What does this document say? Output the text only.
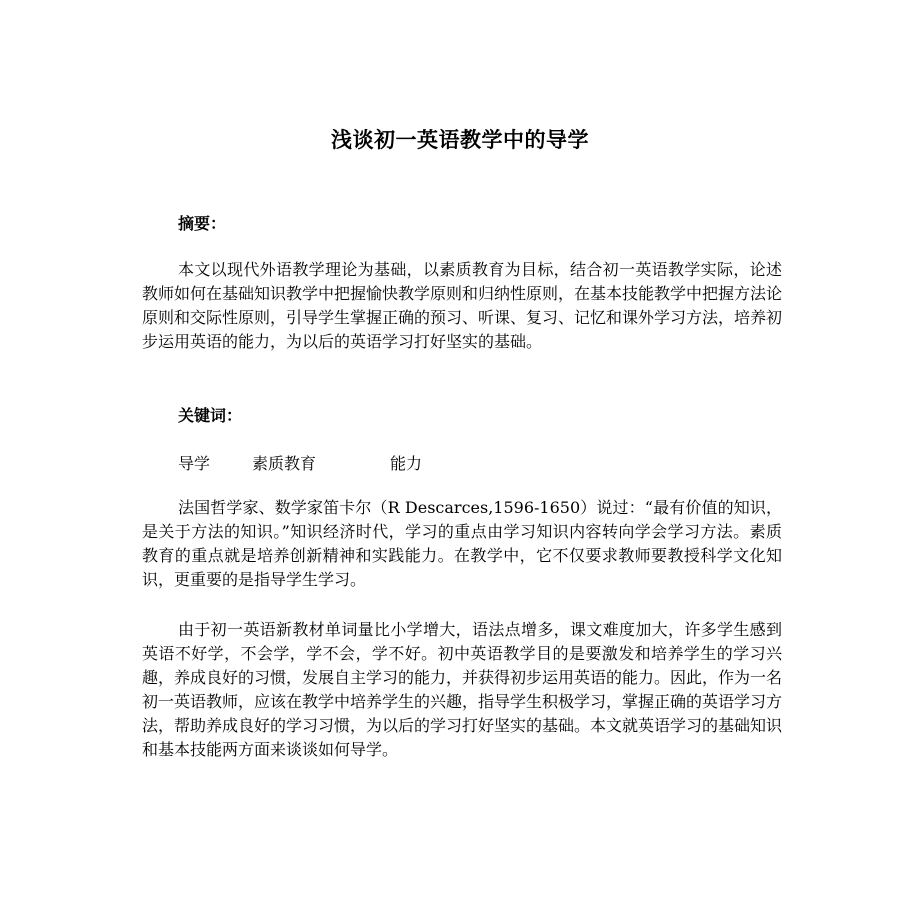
浅谈初一英语教学中的导学
摘要：
本文以现代外语教学理论为基础，以素质教育为目标，结合初一英语教学实际，论述教师如何在基础知识教学中把握愉快教学原则和归纳性原则，在基本技能教学中把握方法论原则和交际性原则，引导学生掌握正确的预习、听课、复习、记忆和课外学习方法，培养初步运用英语的能力，为以后的英语学习打好坚实的基础。
关键词：
导学	素质教育	能力
法国哲学家、数学家笛卡尔（R Descarces,1596-1650）说过：“最有价值的知识，是关于方法的知识。”知识经济时代，学习的重点由学习知识内容转向学会学习方法。素质教育的重点就是培养创新精神和实践能力。在教学中，它不仅要求教师要教授科学文化知识，更重要的是指导学生学习。
由于初一英语新教材单词量比小学增大，语法点增多，课文难度加大，许多学生感到英语不好学，不会学，学不会，学不好。初中英语教学目的是要激发和培养学生的学习兴趣，养成良好的习惯，发展自主学习的能力，并获得初步运用英语的能力。因此，作为一名初一英语教师，应该在教学中培养学生的兴趣，指导学生积极学习，掌握正确的英语学习方法，帮助养成良好的学习习惯，为以后的学习打好坚实的基础。本文就英语学习的基础知识和基本技能两方面来谈谈如何导学。
